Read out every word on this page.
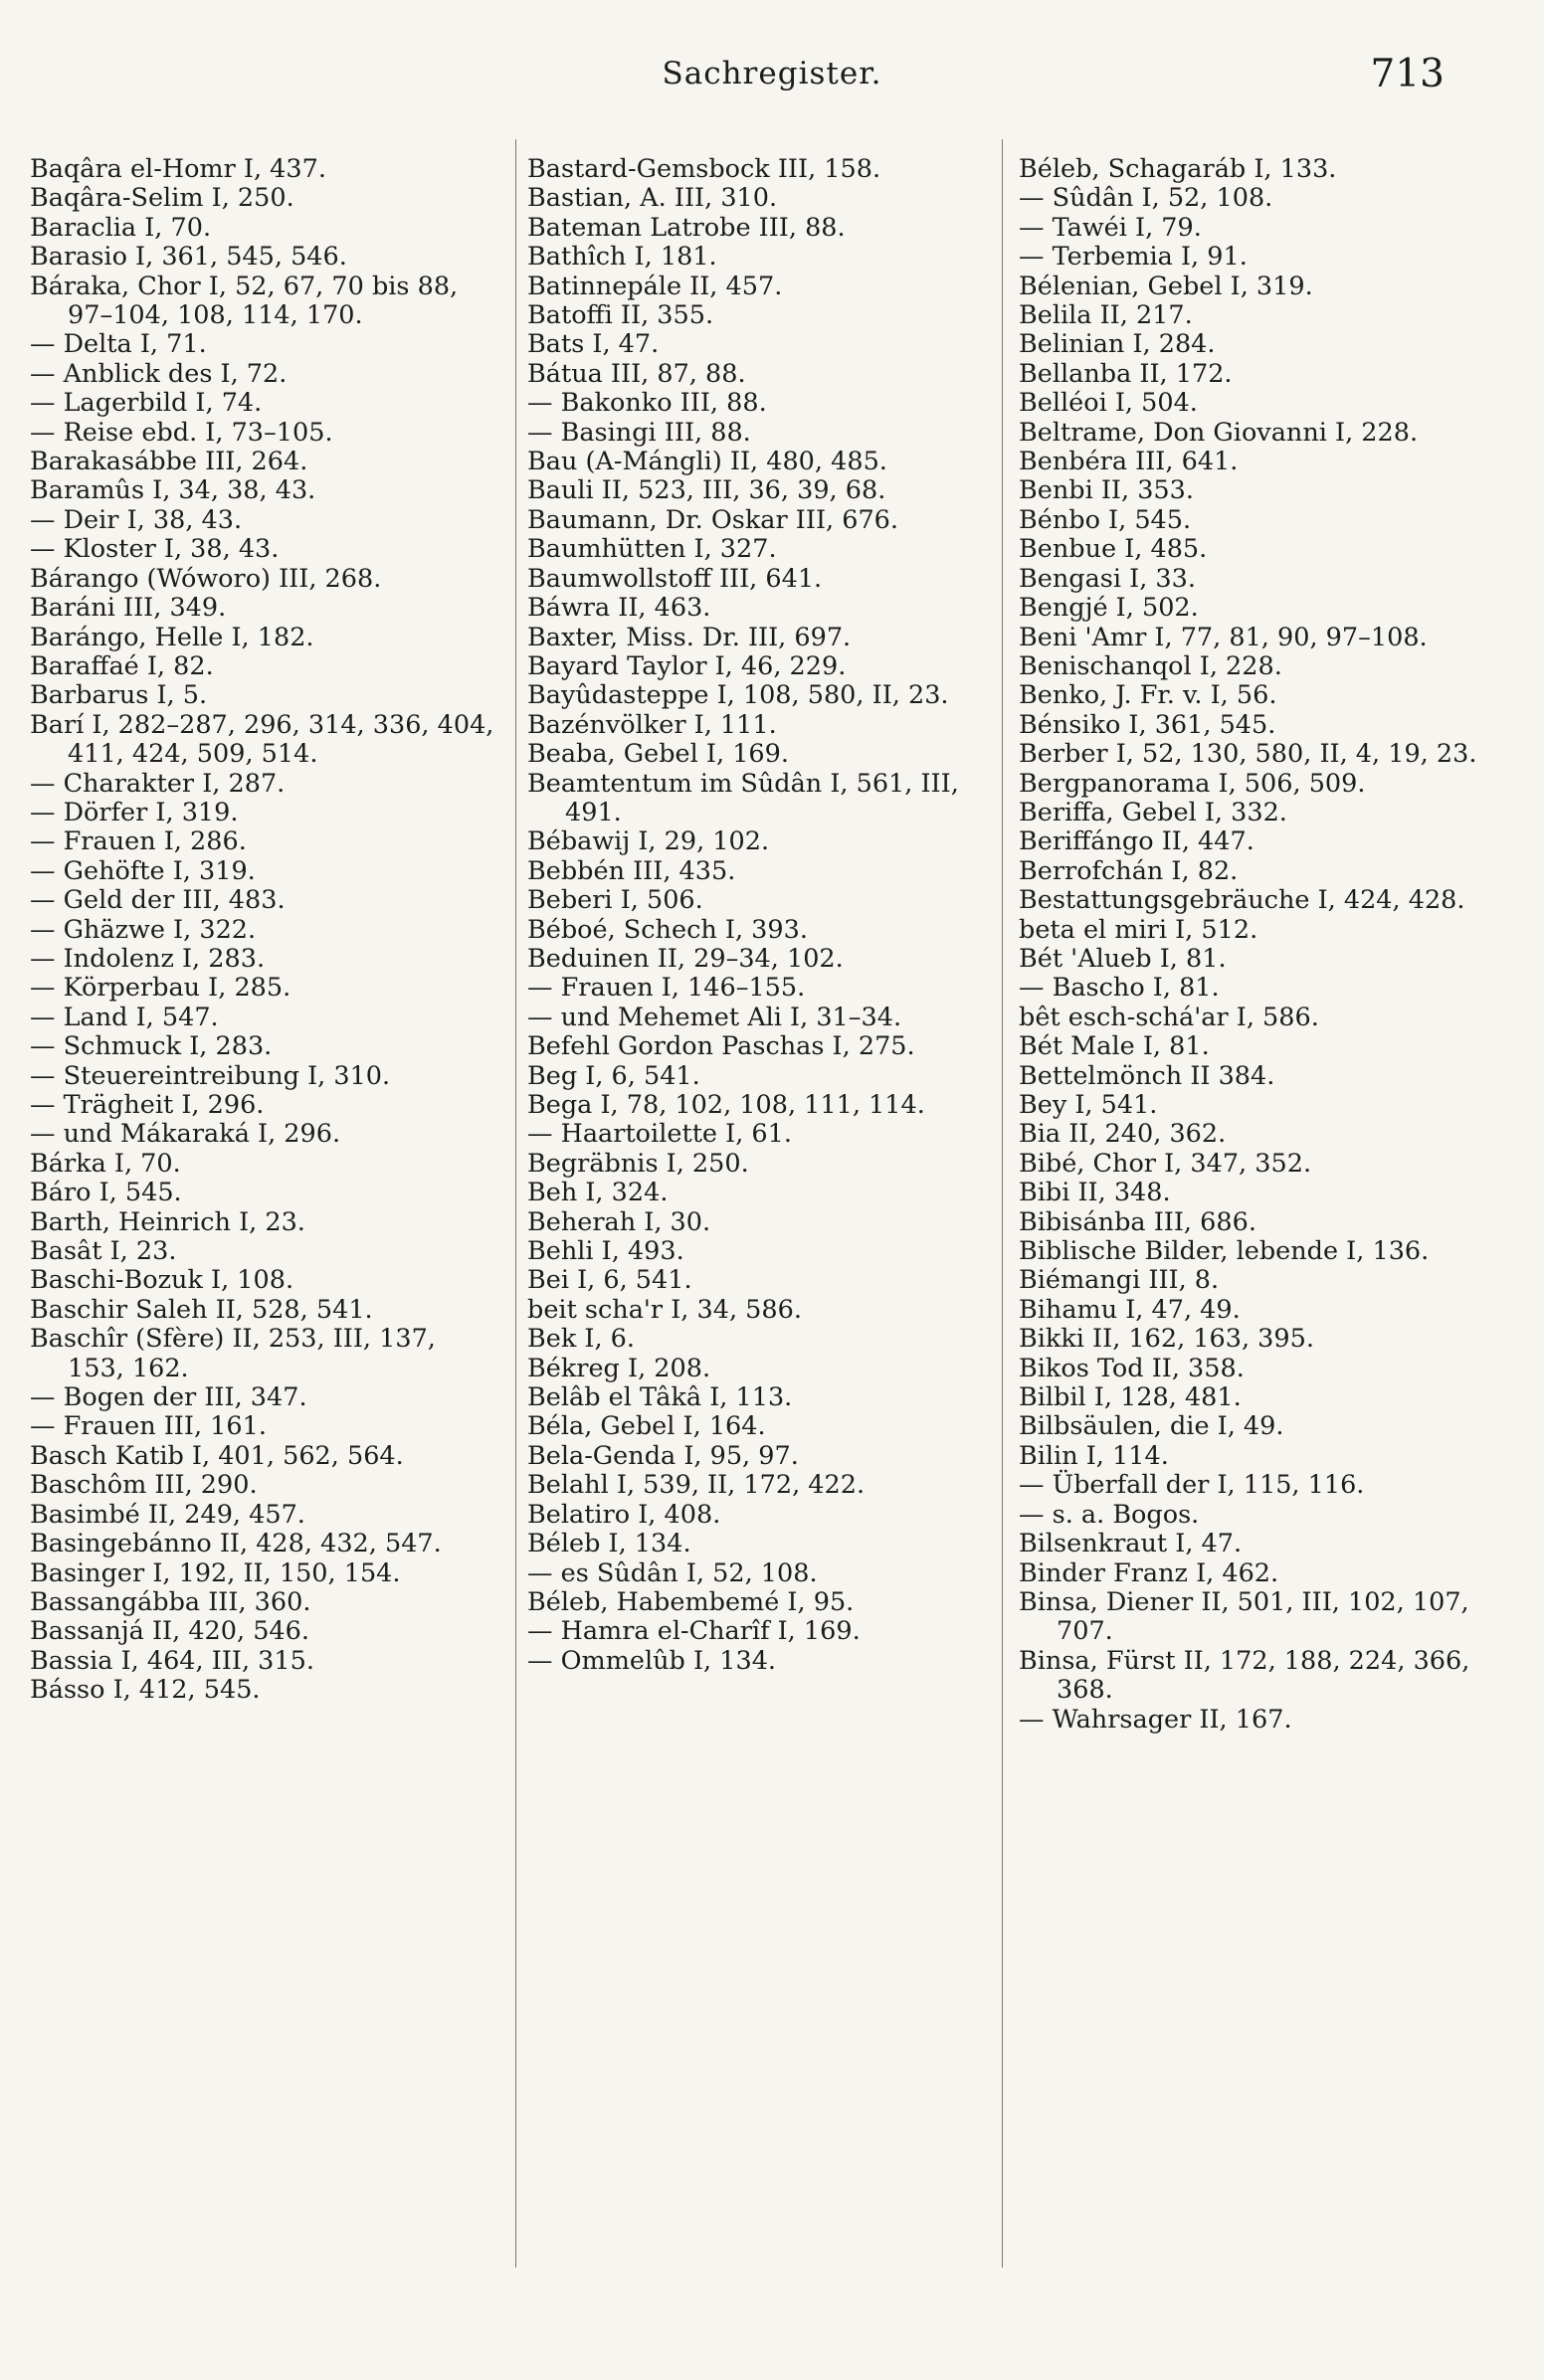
Sachregister.	713

Baqâra el-Homr I, 437.

Baqâra-Selim I, 250.

Baraclia I, 70.

Barasio I, 361, 545, 546.

Báraka, Chor I, 52, 67, 70 bis 88, 97–104, 108, 114, 170.

— Delta I, 71.

— Anblick des I, 72.

— Lagerbild I, 74.

— Reise ebd. I, 73–105.

Barakasábbe III, 264.

Baramûs I, 34, 38, 43.

— Deir I, 38, 43.

— Kloster I, 38, 43.

Bárango (Wóworo) III, 268.

Baráni III, 349.

Barángo, Helle I, 182.

Baraffaé I, 82.

Barbarus I, 5.

Barí I, 282–287, 296, 314, 336, 404, 411, 424, 509, 514.

— Charakter I, 287.

— Dörfer I, 319.

— Frauen I, 286.

— Gehöfte I, 319.

— Geld der III, 483.

— Ghäzwe I, 322.

— Indolenz I, 283.

— Körperbau I, 285.

— Land I, 547.

— Schmuck I, 283.

— Steuereintreibung I, 310.

— Trägheit I, 296.

— und Mákaraká I, 296.

Bárka I, 70.

Báro I, 545.

Barth, Heinrich I, 23.

Basât I, 23.

Baschi-Bozuk I, 108.

Baschir Saleh II, 528, 541.

Baschîr (Sfère) II, 253, III, 137, 153, 162.

— Bogen der III, 347.

— Frauen III, 161.

Basch Katib I, 401, 562, 564.

Baschôm III, 290.

Basimbé II, 249, 457.

Basingebánno II, 428, 432, 547.

Basinger I, 192, II, 150, 154.

Bassangábba III, 360.

Bassanjá II, 420, 546.

Bassia I, 464, III, 315.

Básso I, 412, 545.

Bastard-Gemsbock III, 158.

Bastian, A. III, 310.

Bateman Latrobe III, 88.

Bathîch I, 181.

Batinnepále II, 457.

Batoffi II, 355.

Bats I, 47.

Bátua III, 87, 88.

— Bakonko III, 88.

— Basingi III, 88.

Bau (A-Mángli) II, 480, 485.

Bauli II, 523, III, 36, 39, 68.

Baumann, Dr. Oskar III, 676.

Baumhütten I, 327.

Baumwollstoff III, 641.

Báwra II, 463.

Baxter, Miss. Dr. III, 697.

Bayard Taylor I, 46, 229.

Bayûdasteppe I, 108, 580, II, 23.

Bazénvölker I, 111.

Beaba, Gebel I, 169.

Beamtentum im Sûdân I, 561, III, 491.

Bébawij I, 29, 102.

Bebbén III, 435.

Beberi I, 506.

Béboé, Schech I, 393.

Beduinen II, 29–34, 102.

— Frauen I, 146–155.

— und Mehemet Ali I, 31–34.

Befehl Gordon Paschas I, 275.

Beg I, 6, 541.

Bega I, 78, 102, 108, 111, 114.

— Haartoilette I, 61.

Begräbnis I, 250.

Beh I, 324.

Beherah I, 30.

Behli I, 493.

Bei I, 6, 541.

beit scha'r I, 34, 586.

Bek I, 6.

Békreg I, 208.

Belâb el Tâkâ I, 113.

Béla, Gebel I, 164.

Bela-Genda I, 95, 97.

Belahl I, 539, II, 172, 422.

Belatiro I, 408.

Béleb I, 134.

— es Sûdân I, 52, 108.

Béleb, Habembemé I, 95.

— Hamra el-Charîf I, 169.

— Ommelûb I, 134.

Béleb, Schagaráb I, 133.

— Sûdân I, 52, 108.

— Tawéi I, 79.

— Terbemia I, 91.

Bélenian, Gebel I, 319.

Belila II, 217.

Belinian I, 284.

Bellanba II, 172.

Belléoi I, 504.

Beltrame, Don Giovanni I, 228.

Benbéra III, 641.

Benbi II, 353.

Bénbo I, 545.

Benbue I, 485.

Bengasi I, 33.

Bengjé I, 502.

Beni 'Amr I, 77, 81, 90, 97–108.

Benischanqol I, 228.

Benko, J. Fr. v. I, 56.

Bénsiko I, 361, 545.

Berber I, 52, 130, 580, II, 4, 19, 23.

Bergpanorama I, 506, 509.

Beriffa, Gebel I, 332.

Beriffángo II, 447.

Berrofchán I, 82.

Bestattungsgebräuche I, 424, 428.

beta el miri I, 512.

Bét 'Alueb I, 81.

— Bascho I, 81.

bêt esch-schá'ar I, 586.

Bét Male I, 81.

Bettelmönch II 384.

Bey I, 541.

Bia II, 240, 362.

Bibé, Chor I, 347, 352.

Bibi II, 348.

Bibisánba III, 686.

Biblische Bilder, lebende I, 136.

Biémangi III, 8.

Bihamu I, 47, 49.

Bikki II, 162, 163, 395.

Bikos Tod II, 358.

Bilbil I, 128, 481.

Bilbsäulen, die I, 49.

Bilin I, 114.

— Überfall der I, 115, 116.

— s. a. Bogos.

Bilsenkraut I, 47.

Binder Franz I, 462.

Binsa, Diener II, 501, III, 102, 107, 707.

Binsa, Fürst II, 172, 188, 224, 366, 368.

— Wahrsager II, 167.
